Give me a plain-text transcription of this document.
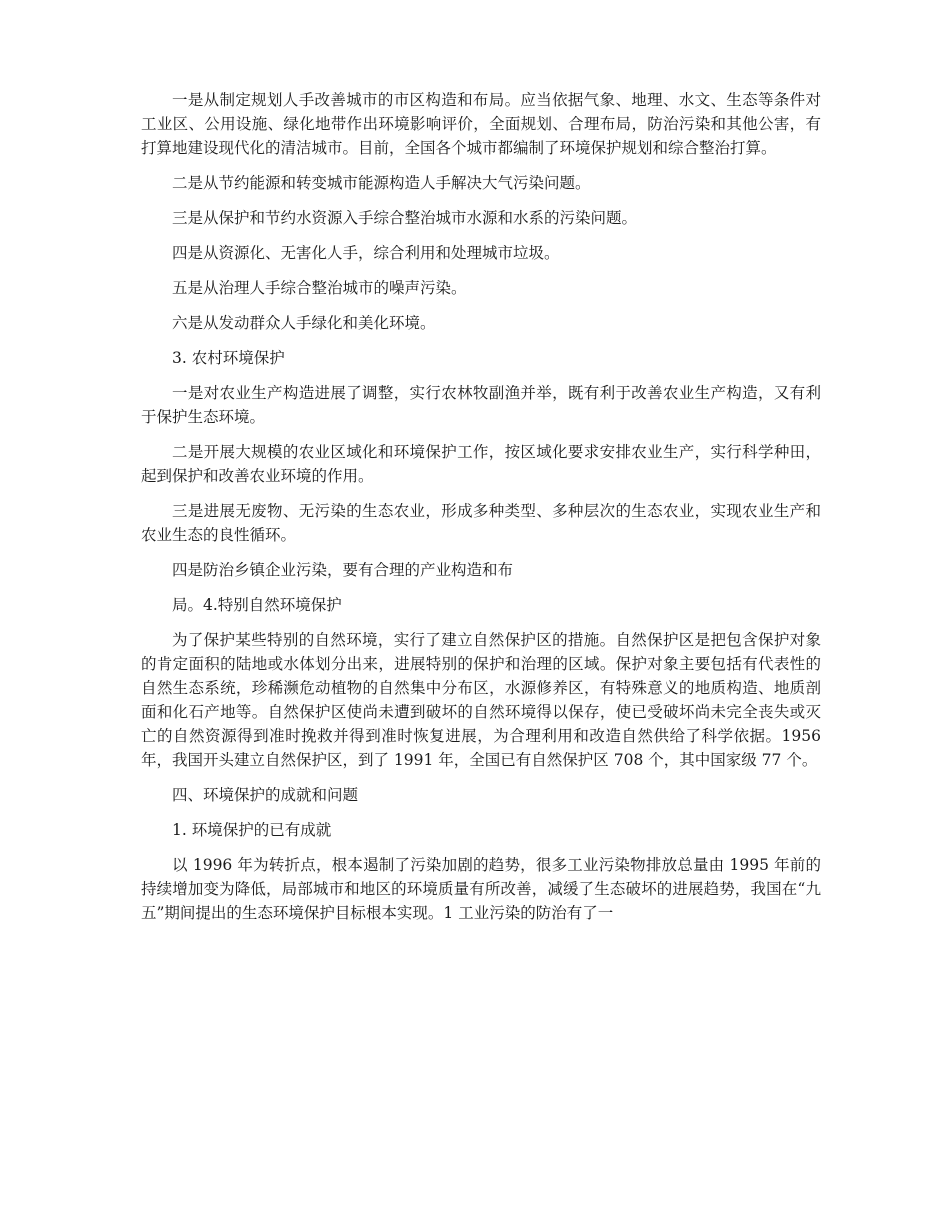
一是从制定规划人手改善城市的市区构造和布局。应当依据气象、地理、水文、生态等条件对工业区、公用设施、绿化地带作出环境影响评价，全面规划、合理布局，防治污染和其他公害，有打算地建设现代化的清洁城市。目前，全国各个城市都编制了环境保护规划和综合整治打算。

二是从节约能源和转变城市能源构造人手解决大气污染问题。

三是从保护和节约水资源入手综合整治城市水源和水系的污染问题。

四是从资源化、无害化人手，综合利用和处理城市垃圾。

五是从治理人手综合整治城市的噪声污染。

六是从发动群众人手绿化和美化环境。

3. 农村环境保护

一是对农业生产构造进展了调整，实行农林牧副渔并举，既有利于改善农业生产构造，又有利于保护生态环境。

二是开展大规模的农业区域化和环境保护工作，按区域化要求安排农业生产，实行科学种田，起到保护和改善农业环境的作用。

三是进展无废物、无污染的生态农业，形成多种类型、多种层次的生态农业，实现农业生产和农业生态的良性循环。

四是防治乡镇企业污染，要有合理的产业构造和布

局。4.特别自然环境保护

为了保护某些特别的自然环境，实行了建立自然保护区的措施。自然保护区是把包含保护对象的肯定面积的陆地或水体划分出来，进展特别的保护和治理的区域。保护对象主要包括有代表性的自然生态系统，珍稀濒危动植物的自然集中分布区，水源修养区，有特殊意义的地质构造、地质剖面和化石产地等。自然保护区使尚未遭到破坏的自然环境得以保存，使已受破坏尚未完全丧失或灭亡的自然资源得到准时挽救并得到准时恢复进展，为合理利用和改造自然供给了科学依据。1956 年，我国开头建立自然保护区，到了 1991 年，全国已有自然保护区 708 个，其中国家级 77 个。

四、环境保护的成就和问题

1. 环境保护的已有成就

以 1996 年为转折点，根本遏制了污染加剧的趋势，很多工业污染物排放总量由 1995 年前的持续增加变为降低，局部城市和地区的环境质量有所改善，减缓了生态破坏的进展趋势，我国在“九五”期间提出的生态环境保护目标根本实现。1 工业污染的防治有了一
